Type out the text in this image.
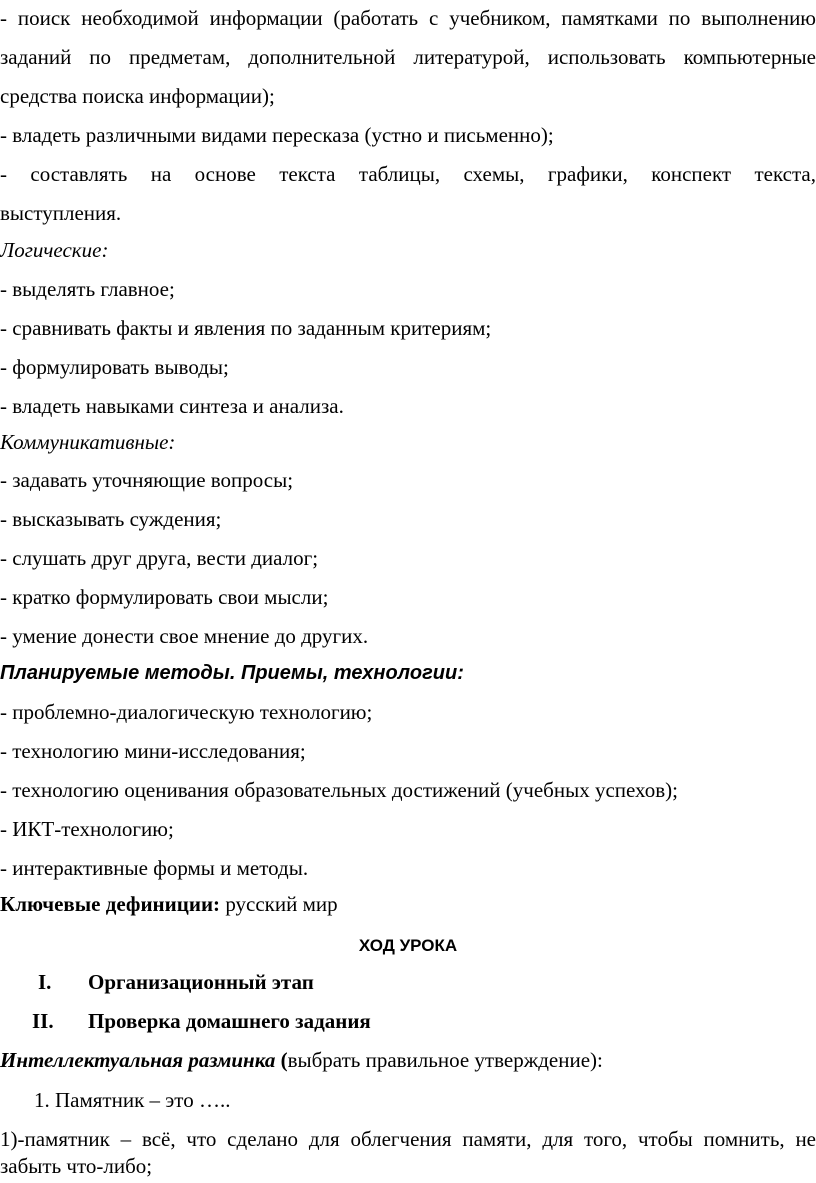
- поиск необходимой информации (работать с учебником, памятками по выполнению
заданий по предметам, дополнительной литературой, использовать компьютерные
средства поиска информации);
- владеть различными видами пересказа (устно и письменно);
- составлять на основе текста таблицы, схемы, графики, конспект текста,
выступления.
Логические:
- выделять главное;
- сравнивать факты и явления по заданным критериям;
- формулировать выводы;
- владеть навыками синтеза и анализа.
Коммуникативные:
- задавать уточняющие вопросы;
- высказывать суждения;
- слушать друг друга, вести диалог;
- кратко формулировать свои мысли;
- умение донести свое мнение до других.
Планируемые методы. Приемы, технологии:
- проблемно-диалогическую технологию;
- технологию мини-исследования;
- технологию оценивания образовательных достижений (учебных успехов);
- ИКТ-технологию;
- интерактивные формы и методы.
Ключевые дефиниции: русский мир
ХОД УРОКА
I. Организационный этап
II. Проверка домашнего задания
Интеллектуальная разминка (выбрать правильное утверждение):
1. Памятник – это …..
1)-памятник – всё, что сделано для облегчения памяти, для того, чтобы помнить, не
забыть что-либо;
